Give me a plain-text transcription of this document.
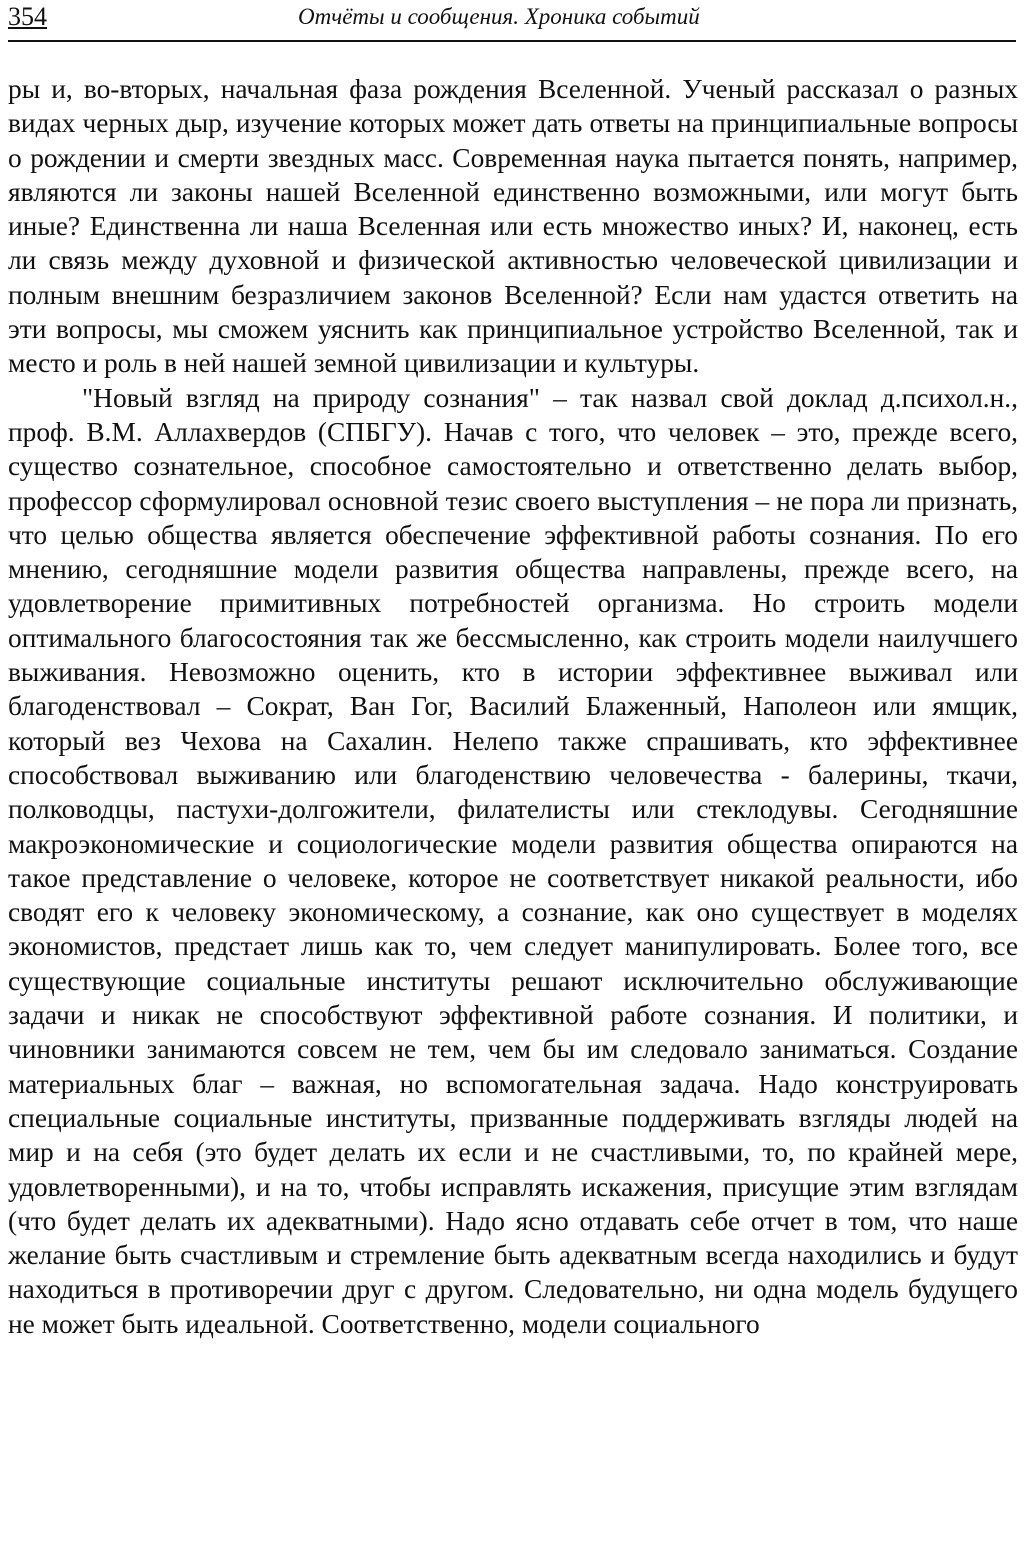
354	Отчёты и сообщения. Хроника событий

ры и, во-вторых, начальная фаза рождения Вселенной. Ученый рассказал о разных видах черных дыр, изучение которых может дать ответы на принципиальные вопросы о рождении и смерти звездных масс. Современная наука пытается понять, например, являются ли законы нашей Вселенной единственно возможными, или могут быть иные? Единственна ли наша Вселенная или есть множество иных? И, наконец, есть ли связь между духовной и физической активностью человеческой цивилизации и полным внешним безразличием законов Вселенной? Если нам удастся ответить на эти вопросы, мы сможем уяснить как принципиальное устройство Вселенной, так и место и роль в ней нашей земной цивилизации и культуры.

"Новый взгляд на природу сознания" – так назвал свой доклад д.психол.н., проф. В.М. Аллахвердов (СПБГУ). Начав с того, что человек – это, прежде всего, существо сознательное, способное самостоятельно и ответственно делать выбор, профессор сформулировал основной тезис своего выступления – не пора ли признать, что целью общества является обеспечение эффективной работы сознания. По его мнению, сегодняшние модели развития общества направлены, прежде всего, на удовлетворение примитивных потребностей организма. Но строить модели оптимального благосостояния так же бессмысленно, как строить модели наилучшего выживания. Невозможно оценить, кто в истории эффективнее выживал или благоденствовал – Сократ, Ван Гог, Василий Блаженный, Наполеон или ямщик, который вез Чехова на Сахалин. Нелепо также спрашивать, кто эффективнее способствовал выживанию или благоденствию человечества - балерины, ткачи, полководцы, пастухи-долгожители, филателисты или стеклодувы. Сегодняшние макроэкономические и социологические модели развития общества опираются на такое представление о человеке, которое не соответствует никакой реальности, ибо сводят его к человеку экономическому, а сознание, как оно существует в моделях экономистов, предстает лишь как то, чем следует манипулировать. Более того, все существующие социальные институты решают исключительно обслуживающие задачи и никак не способствуют эффективной работе сознания. И политики, и чиновники занимаются совсем не тем, чем бы им следовало заниматься. Создание материальных благ – важная, но вспомогательная задача. Надо конструировать специальные социальные институты, призванные поддерживать взгляды людей на мир и на себя (это будет делать их если и не счастливыми, то, по крайней мере, удовлетворенными), и на то, чтобы исправлять искажения, присущие этим взглядам (что будет делать их адекватными). Надо ясно отдавать себе отчет в том, что наше желание быть счастливым и стремление быть адекватным всегда находились и будут находиться в противоречии друг с другом. Следовательно, ни одна модель будущего не может быть идеальной. Соответственно, модели социального
